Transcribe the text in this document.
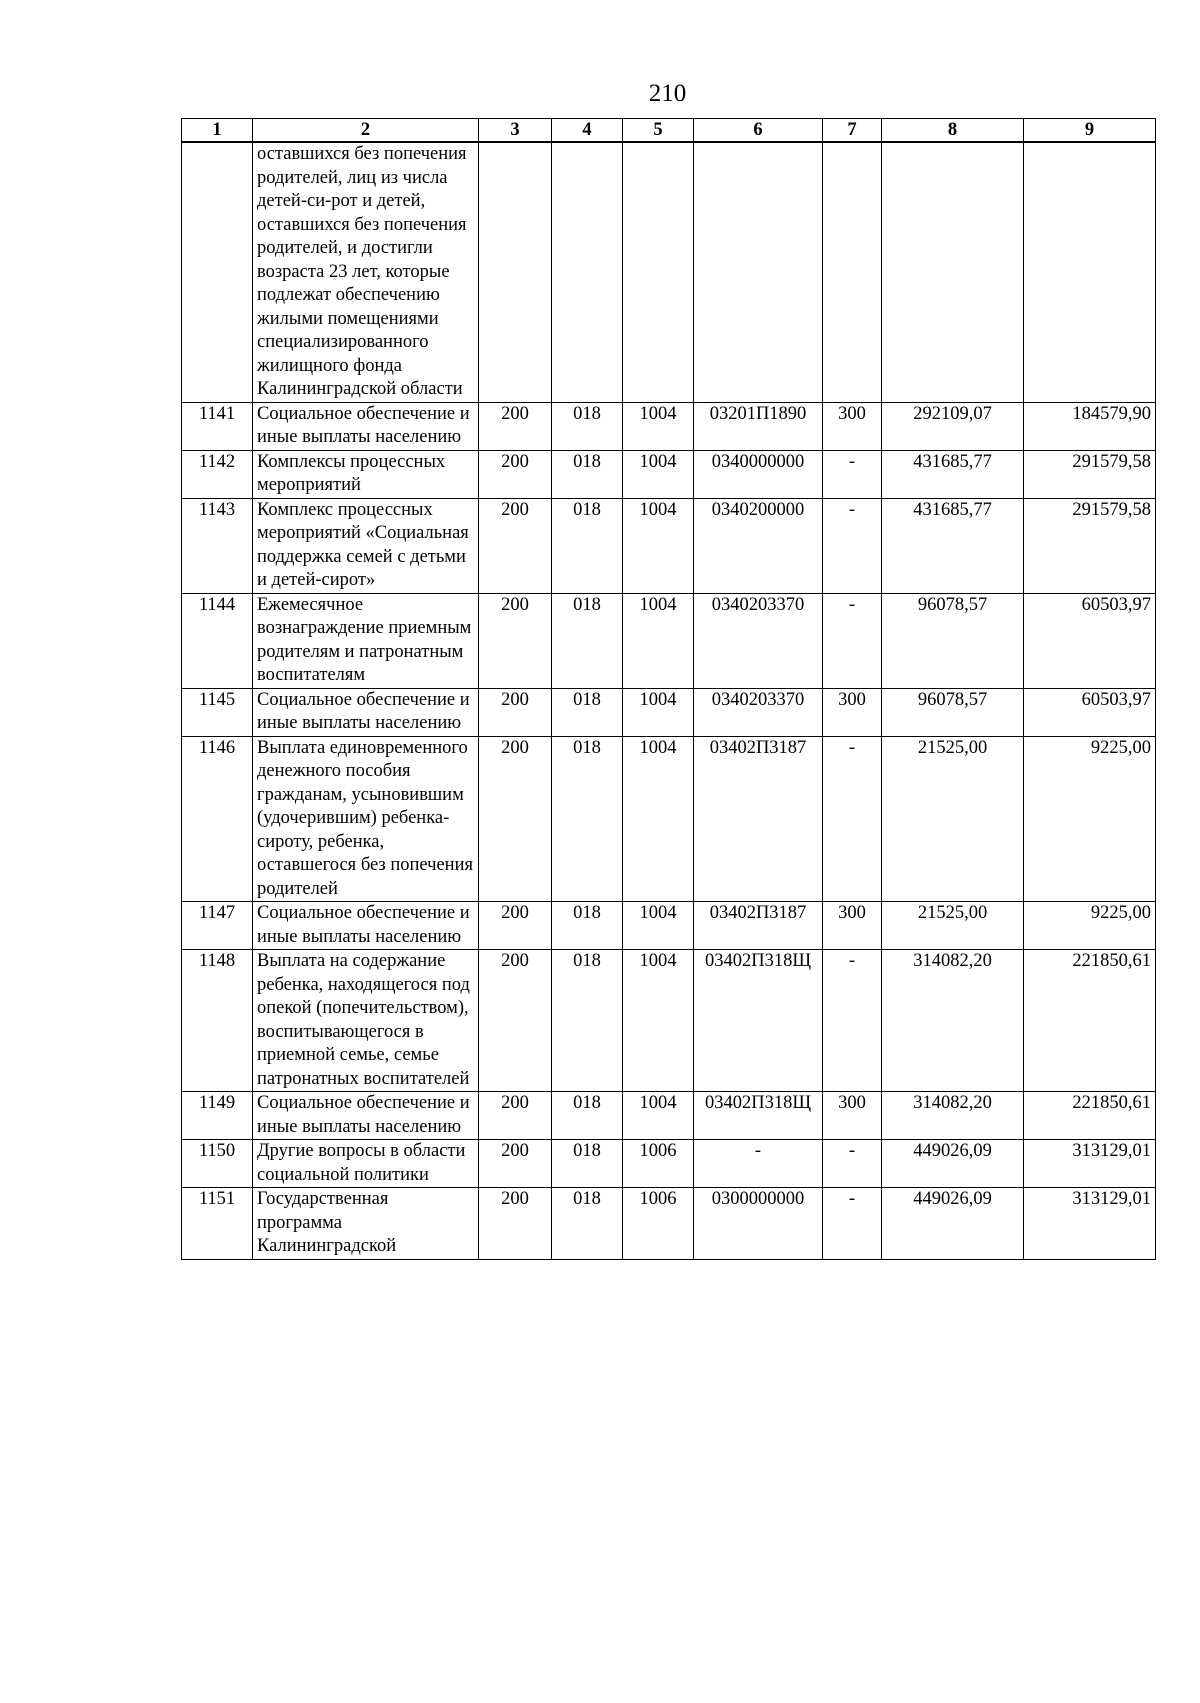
210
1	2	3	4	5	6	7	8	9
	оставшихся без попечения родителей, лиц из числа детей-си-рот и детей, оставшихся без попечения родителей, и достигли возраста 23 лет, которые подлежат обеспечению жилыми помещениями специализированного жилищного фонда Калининградской области							
1141	Социальное обеспечение и иные выплаты населению	200	018	1004	03201П1890	300	292109,07	184579,90
1142	Комплексы процессных мероприятий	200	018	1004	0340000000	-	431685,77	291579,58
1143	Комплекс процессных мероприятий «Социальная поддержка семей с детьми и детей-сирот»	200	018	1004	0340200000	-	431685,77	291579,58
1144	Ежемесячное вознаграждение приемным родителям и патронатным воспитателям	200	018	1004	0340203370	-	96078,57	60503,97
1145	Социальное обеспечение и иные выплаты населению	200	018	1004	0340203370	300	96078,57	60503,97
1146	Выплата единовременного денежного пособия гражданам, усыновившим (удочерившим) ребенка-сироту, ребенка, оставшегося без попечения родителей	200	018	1004	03402П3187	-	21525,00	9225,00
1147	Социальное обеспечение и иные выплаты населению	200	018	1004	03402П3187	300	21525,00	9225,00
1148	Выплата на содержание ребенка, находящегося под опекой (попечительством), воспитывающегося в приемной семье, семье патронатных воспитателей	200	018	1004	03402П318Щ	-	314082,20	221850,61
1149	Социальное обеспечение и иные выплаты населению	200	018	1004	03402П318Щ	300	314082,20	221850,61
1150	Другие вопросы в области социальной политики	200	018	1006	-	-	449026,09	313129,01
1151	Государственная программа Калининградской	200	018	1006	0300000000	-	449026,09	313129,01
